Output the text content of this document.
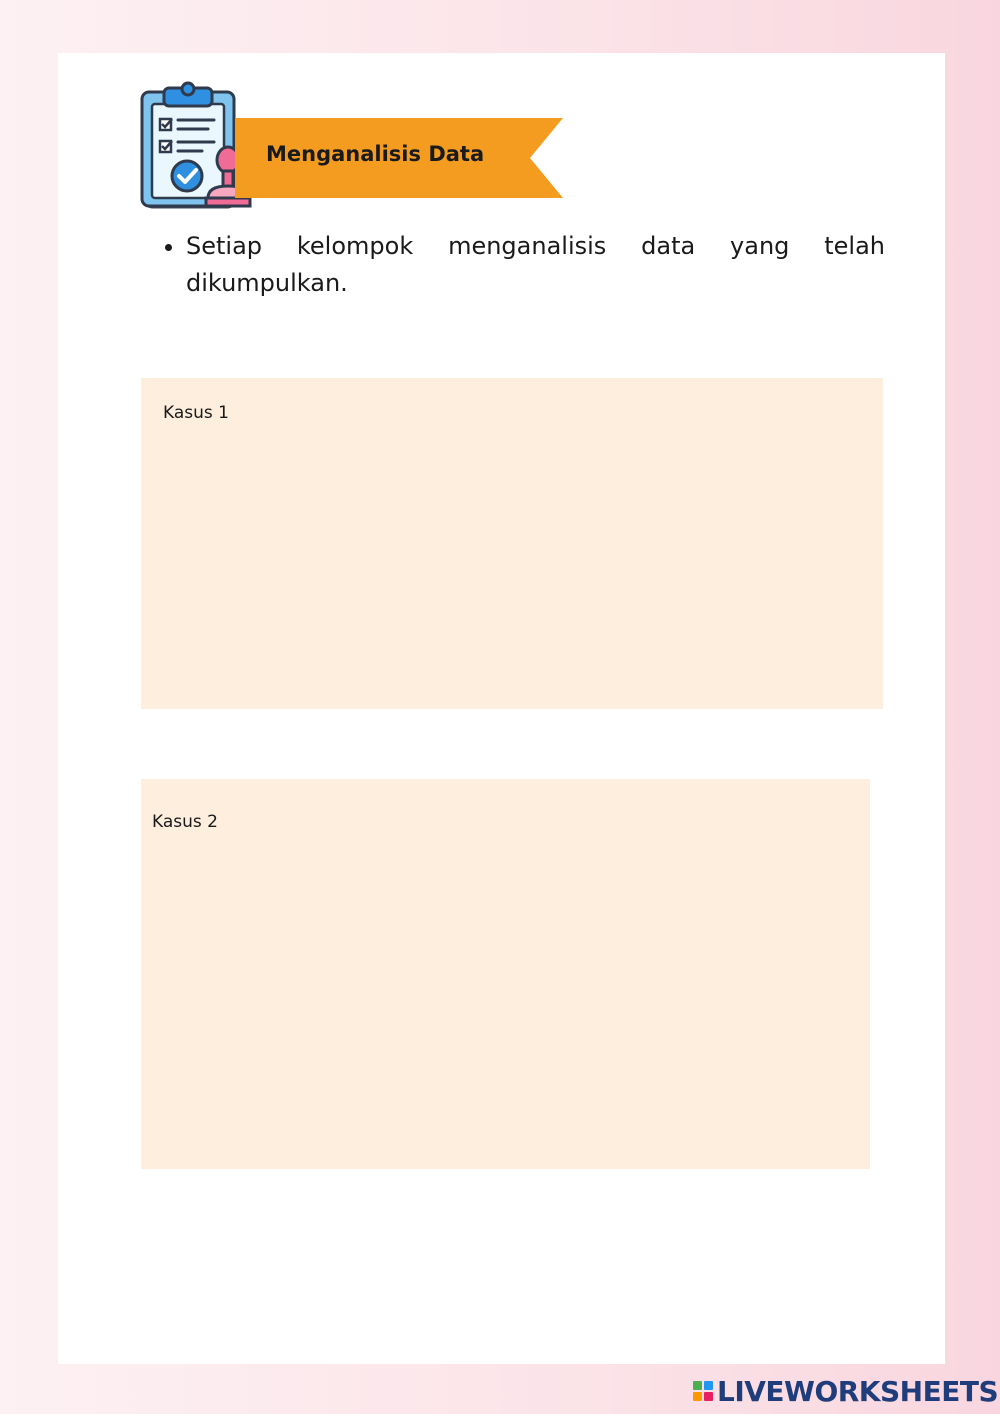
Menganalisis Data
• Setiap kelompok menganalisis data yang telah dikumpulkan.
Kasus 1
Kasus 2
LIVEWORKSHEETS
